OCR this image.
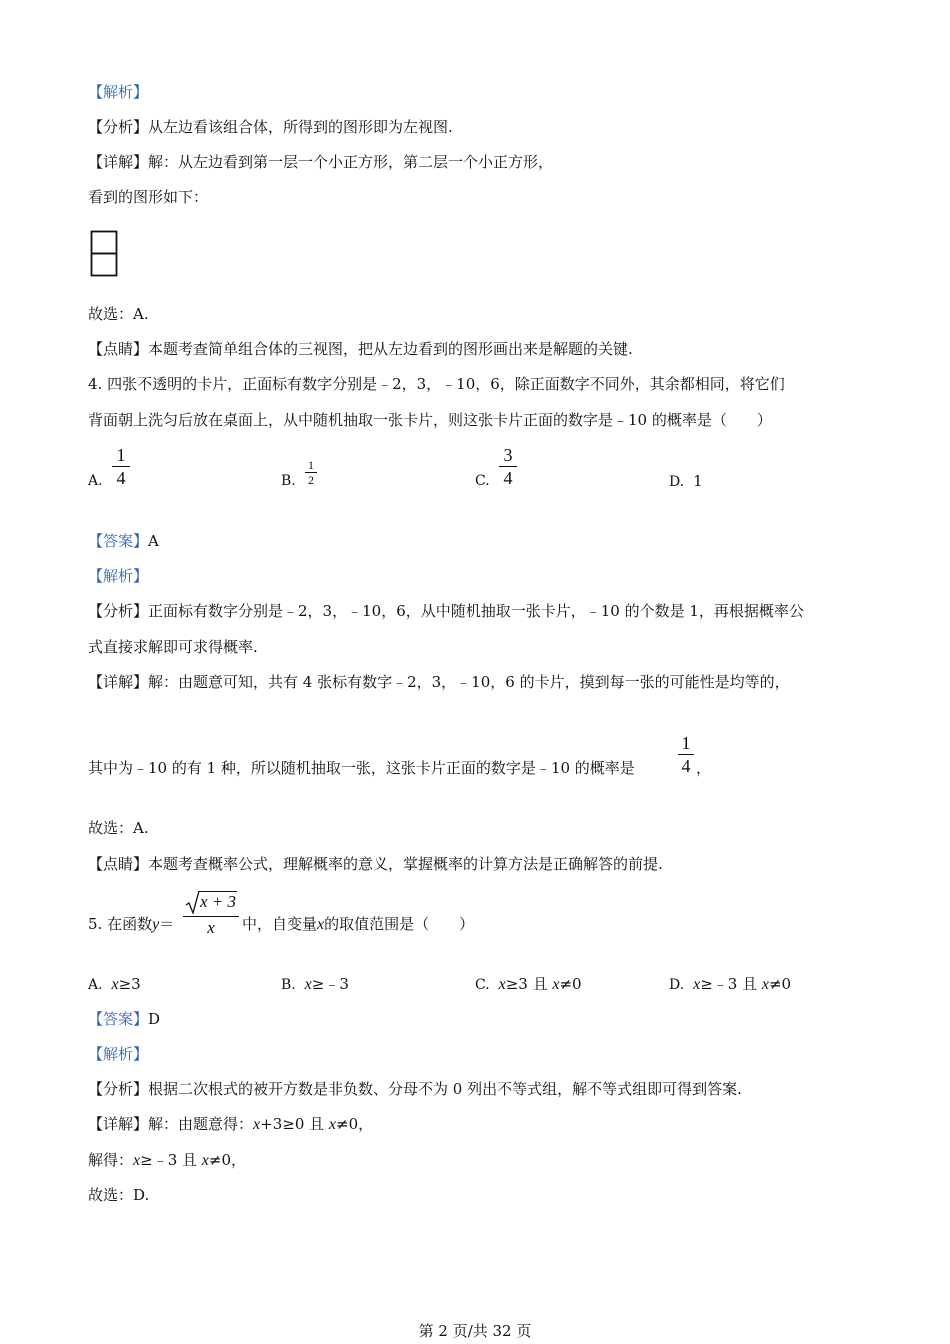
【解析】
【分析】从左边看该组合体，所得到的图形即为左视图.
【详解】解：从左边看到第一层一个小正方形，第二层一个小正方形，
看到的图形如下：
故选：A.
【点睛】本题考查简单组合体的三视图，把从左边看到的图形画出来是解题的关键.
4. 四张不透明的卡片，正面标有数字分别是﹣2，3，﹣10，6，除正面数字不同外，其余都相同，将它们
背面朝上洗匀后放在桌面上，从中随机抽取一张卡片，则这张卡片正面的数字是﹣10 的概率是（　　）
A. $\frac{1}{4}$	B. $\frac{1}{2}$	C. $\frac{3}{4}$	D. 1
【答案】A
【解析】
【分析】正面标有数字分别是﹣2，3，﹣10，6，从中随机抽取一张卡片，﹣10 的个数是 1，再根据概率公
式直接求解即可求得概率.
【详解】解：由题意可知，共有 4 张标有数字﹣2，3，﹣10，6 的卡片，摸到每一张的可能性是均等的，
其中为﹣10 的有 1 种，所以随机抽取一张，这张卡片正面的数字是﹣10 的概率是 $\frac{1}{4}$ ，
故选：A.
【点睛】本题考查概率公式，理解概率的意义，掌握概率的计算方法是正确解答的前提.
5. 在函数$y= \frac{x + 3}{x}$ 中，自变量x的取值范围是（　　）
A. x≥3	B. x≥﹣3	C. x≥3 且 x≠0	D. x≥﹣3 且 x≠0
【答案】D
【解析】
【分析】根据二次根式的被开方数是非负数、分母不为 0 列出不等式组，解不等式组即可得到答案.
【详解】解：由题意得：x+3≥0 且 x≠0，
解得：x≥﹣3 且 x≠0，
故选：D.
第 2 页/共 32 页
